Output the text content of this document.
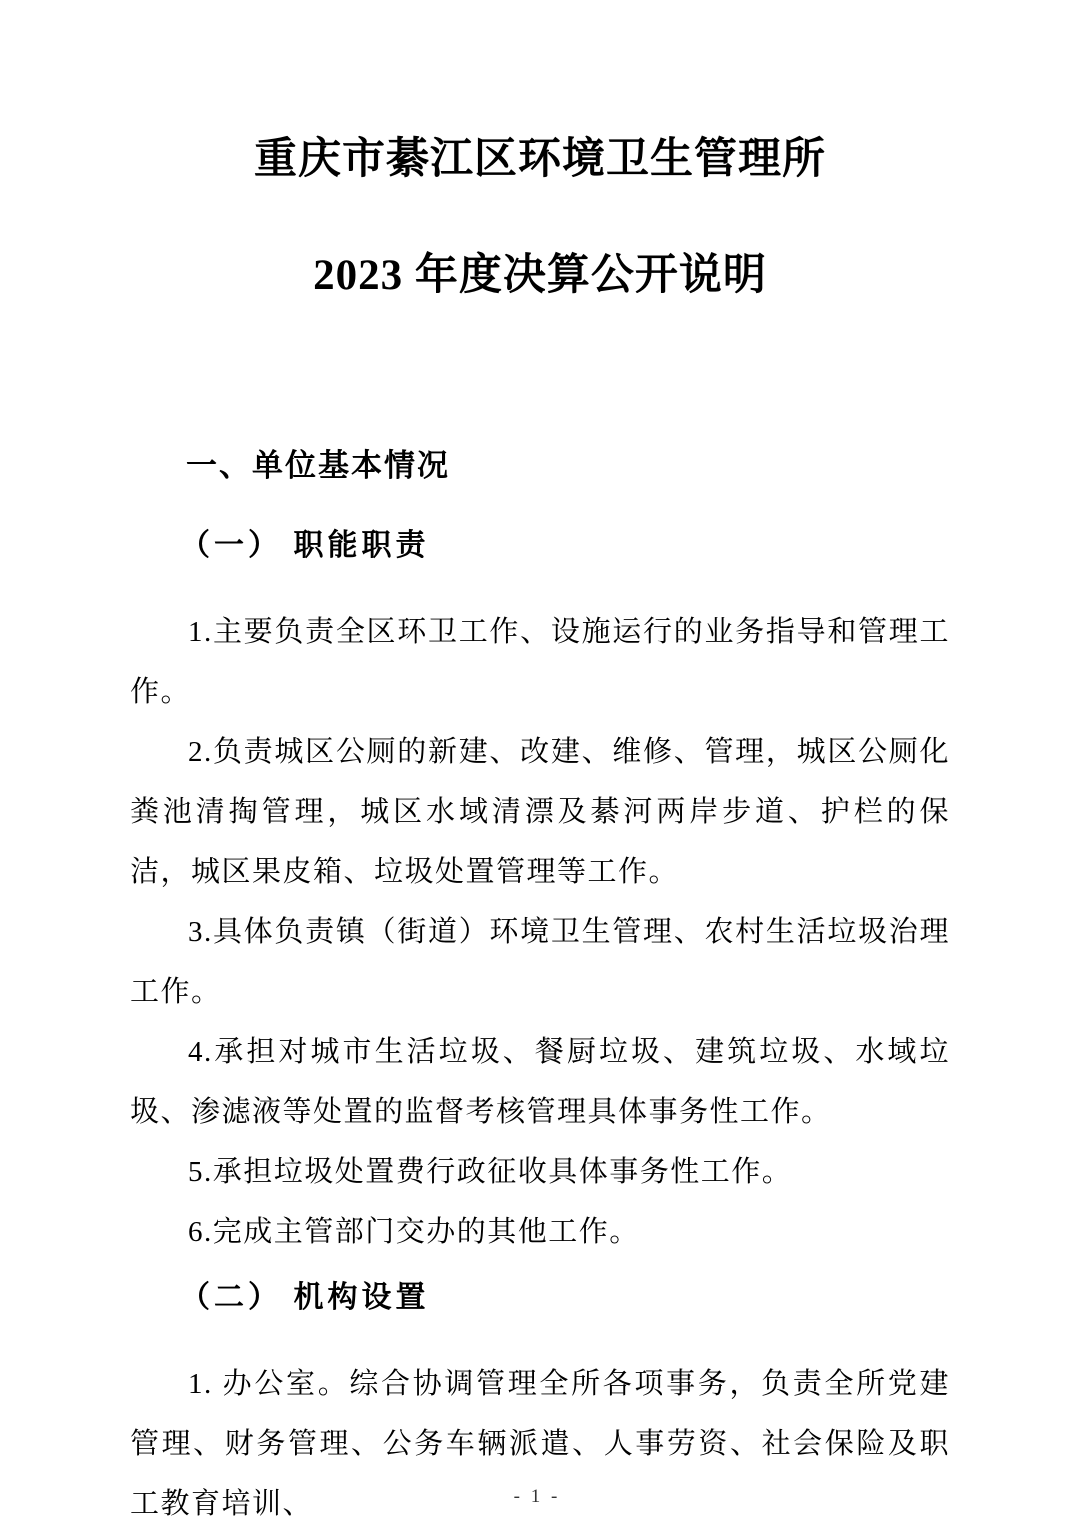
重庆市綦江区环境卫生管理所
2023 年度决算公开说明
一、单位基本情况
（一） 职能职责

1.主要负责全区环卫工作、设施运行的业务指导和管理工作。

2.负责城区公厕的新建、改建、维修、管理，城区公厕化粪池清掏管理，城区水域清漂及綦河两岸步道、护栏的保洁，城区果皮箱、垃圾处置管理等工作。

3.具体负责镇（街道）环境卫生管理、农村生活垃圾治理工作。

4.承担对城市生活垃圾、餐厨垃圾、建筑垃圾、水域垃圾、渗滤液等处置的监督考核管理具体事务性工作。

5.承担垃圾处置费行政征收具体事务性工作。

6.完成主管部门交办的其他工作。

（二） 机构设置

1. 办公室。综合协调管理全所各项事务，负责全所党建管理、财务管理、公务车辆派遣、人事劳资、社会保险及职工教育培训、	- 1 -
